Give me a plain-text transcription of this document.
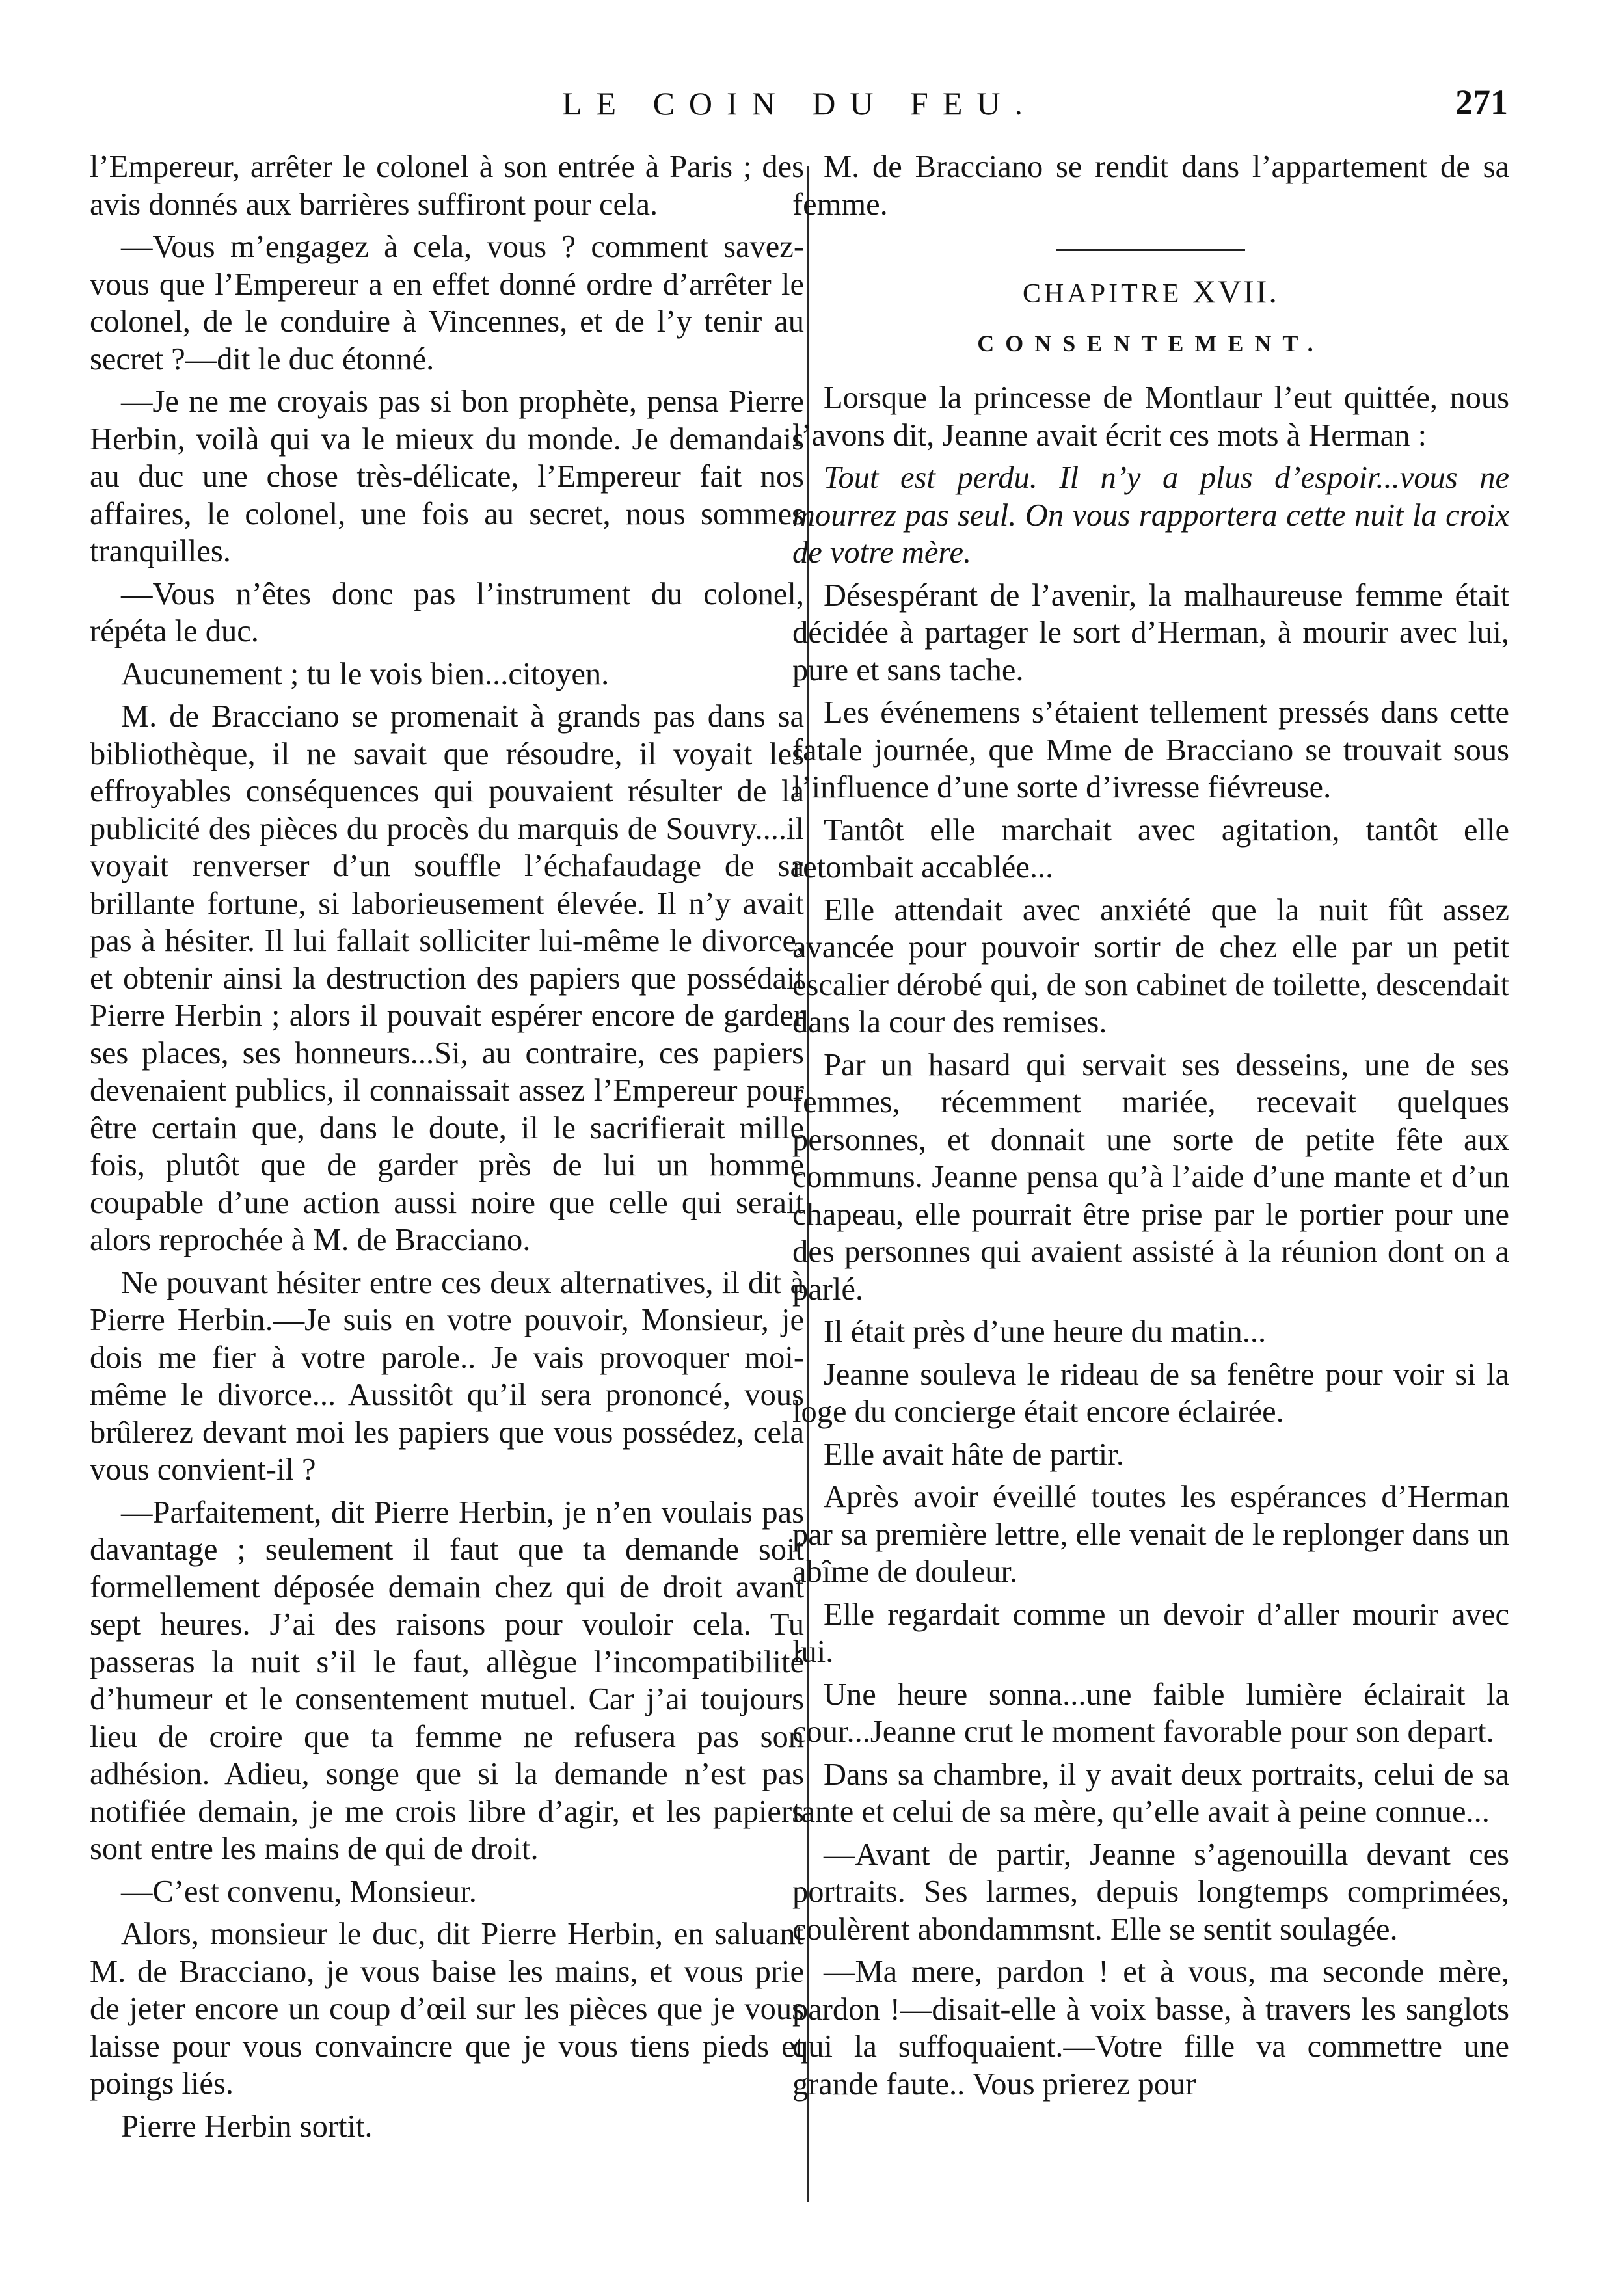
LE COIN DU FEU.	271

l’Empereur, arrêter le colonel à son entrée à Paris ; des avis donnés aux barrières suffiront pour cela.

—Vous m’engagez à cela, vous ? comment savez-vous que l’Empereur a en effet donné ordre d’arrêter le colonel, de le conduire à Vincennes, et de l’y tenir au secret ?—dit le duc étonné.

—Je ne me croyais pas si bon prophète, pensa Pierre Herbin, voilà qui va le mieux du monde. Je demandais au duc une chose très-délicate, l’Empereur fait nos affaires, le colonel, une fois au secret, nous sommes tranquilles.

—Vous n’êtes donc pas l’instrument du colonel, répéta le duc.

Aucunement ; tu le vois bien...citoyen.

M. de Bracciano se promenait à grands pas dans sa bibliothèque, il ne savait que résoudre, il voyait les effroyables conséquences qui pouvaient résulter de la publicité des pièces du procès du marquis de Souvry....il voyait renverser d’un souffle l’échafaudage de sa brillante fortune, si laborieusement élevée. Il n’y avait pas à hésiter. Il lui fallait solliciter lui-même le divorce, et obtenir ainsi la destruction des papiers que possédait Pierre Herbin ; alors il pouvait espérer encore de garder ses places, ses honneurs...Si, au contraire, ces papiers devenaient publics, il connaissait assez l’Empereur pour être certain que, dans le doute, il le sacrifierait mille fois, plutôt que de garder près de lui un homme coupable d’une action aussi noire que celle qui serait alors reprochée à M. de Bracciano.

Ne pouvant hésiter entre ces deux alternatives, il dit à Pierre Herbin.—Je suis en votre pouvoir, Monsieur, je dois me fier à votre parole.. Je vais provoquer moi-même le divorce... Aussitôt qu’il sera prononcé, vous brûlerez devant moi les papiers que vous possédez, cela vous convient-il ?

—Parfaitement, dit Pierre Herbin, je n’en voulais pas davantage ; seulement il faut que ta demande soit formellement déposée demain chez qui de droit avant sept heures. J’ai des raisons pour vouloir cela. Tu passeras la nuit s’il le faut, allègue l’incompatibilité d’humeur et le consentement mutuel. Car j’ai toujours lieu de croire que ta femme ne refusera pas son adhésion. Adieu, songe que si la demande n’est pas notifiée demain, je me crois libre d’agir, et les papiers sont entre les mains de qui de droit.

—C’est convenu, Monsieur.

Alors, monsieur le duc, dit Pierre Herbin, en saluant M. de Bracciano, je vous baise les mains, et vous prie de jeter encore un coup d’œil sur les pièces que je vous laisse pour vous convaincre que je vous tiens pieds et poings liés.

Pierre Herbin sortit.

M. de Bracciano se rendit dans l’appartement de sa femme.

CHAPITRE XVII.
CONSENTEMENT.

Lorsque la princesse de Montlaur l’eut quittée, nous l’avons dit, Jeanne avait écrit ces mots à Herman :

Tout est perdu. Il n’y a plus d’espoir...vous ne mourrez pas seul. On vous rapportera cette nuit la croix de votre mère.

Désespérant de l’avenir, la malhaureuse femme était décidée à partager le sort d’Herman, à mourir avec lui, pure et sans tache.

Les événemens s’étaient tellement pressés dans cette fatale journée, que Mme de Bracciano se trouvait sous l’influence d’une sorte d’ivresse fiévreuse.

Tantôt elle marchait avec agitation, tantôt elle retombait accablée...

Elle attendait avec anxiété que la nuit fût assez avancée pour pouvoir sortir de chez elle par un petit escalier dérobé qui, de son cabinet de toilette, descendait dans la cour des remises.

Par un hasard qui servait ses desseins, une de ses femmes, récemment mariée, recevait quelques personnes, et donnait une sorte de petite fête aux communs. Jeanne pensa qu’à l’aide d’une mante et d’un chapeau, elle pourrait être prise par le portier pour une des personnes qui avaient assisté à la réunion dont on a parlé.

Il était près d’une heure du matin...

Jeanne souleva le rideau de sa fenêtre pour voir si la loge du concierge était encore éclairée.

Elle avait hâte de partir.

Après avoir éveillé toutes les espérances d’Herman par sa première lettre, elle venait de le replonger dans un abîme de douleur.

Elle regardait comme un devoir d’aller mourir avec lui.

Une heure sonna...une faible lumière éclairait la cour...Jeanne crut le moment favorable pour son depart.

Dans sa chambre, il y avait deux portraits, celui de sa tante et celui de sa mère, qu’elle avait à peine connue...

—Avant de partir, Jeanne s’agenouilla devant ces portraits. Ses larmes, depuis longtemps comprimées, coulèrent abondammsnt. Elle se sentit soulagée.

—Ma mere, pardon ! et à vous, ma seconde mère, pardon !—disait-elle à voix basse, à travers les sanglots qui la suffoquaient.—Votre fille va commettre une grande faute.. Vous prierez pour
